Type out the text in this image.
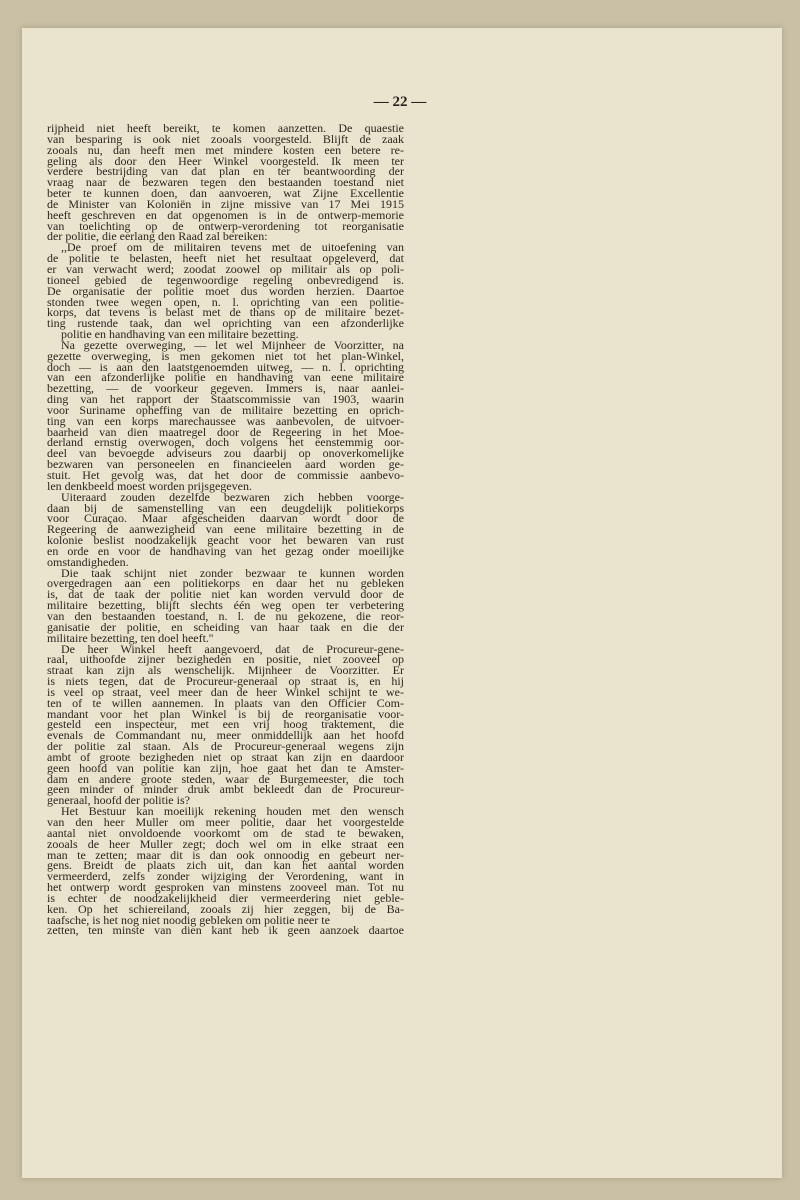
— 22 —
rijpheid niet heeft bereikt, te komen aanzetten. De quaestie
van besparing is ook niet zooals voorgesteld. Blijft de zaak
zooals nu, dan heeft men met mindere kosten een betere re-
geling als door den Heer Winkel voorgesteld. Ik meen ter
verdere bestrijding van dat plan en ter beantwoording der
vraag naar de bezwaren tegen den bestaanden toestand niet
beter te kunnen doen, dan aanvoeren, wat Zijne Excellentie
de Minister van Koloniën in zijne missive van 17 Mei 1915
heeft geschreven en dat opgenomen is in de ontwerp-memorie
van toelichting op de ontwerp-verordening tot reorganisatie
der politie, die eerlang den Raad zal bereiken:
,,De proef om de militairen tevens met de uitoefening van
de politie te belasten, heeft niet het resultaat opgeleverd, dat
er van verwacht werd; zoodat zoowel op militair als op poli-
tioneel gebied de tegenwoordige regeling onbevredigend is.
De organisatie der politie moet dus worden herzien. Daartoe
stonden twee wegen open, n. l. oprichting van een politie-
korps, dat tevens is belast met de thans op de militaire bezet-
ting rustende taak, dan wel oprichting van een afzonderlijke
politie en handhaving van een militaire bezetting.
Na gezette overweging, — let wel Mijnheer de Voorzitter, na
gezette overweging, is men gekomen niet tot het plan-Winkel,
doch — is aan den laatstgenoemden uitweg, — n. l. oprichting
van een afzonderlijke politie en handhaving van eene militaire
bezetting, — de voorkeur gegeven. Immers is, naar aanlei-
ding van het rapport der Staatscommissie van 1903, waarin
voor Suriname opheffing van de militaire bezetting en oprich-
ting van een korps marechaussee was aanbevolen, de uitvoer-
baarheid van dien maatregel door de Regeering in het Moe-
derland ernstig overwogen, doch volgens het eenstemmig oor-
deel van bevoegde adviseurs zou daarbij op onoverkomelijke
bezwaren van personeelen en financieelen aard worden ge-
stuit. Het gevolg was, dat het door de commissie aanbevo-
len denkbeeld moest worden prijsgegeven.
Uiteraard zouden dezelfde bezwaren zich hebben voorge-
daan bij de samenstelling van een deugdelijk politiekorps
voor Curaçao. Maar afgescheiden daarvan wordt door de
Regeering de aanwezigheid van eene militaire bezetting in de
kolonie beslist noodzakelijk geacht voor het bewaren van rust
en orde en voor de handhaving van het gezag onder moeilijke
omstandigheden.
Die taak schijnt niet zonder bezwaar te kunnen worden
overgedragen aan een politiekorps en daar het nu gebleken
is, dat de taak der politie niet kan worden vervuld door de
militaire bezetting, blijft slechts één weg open ter verbetering
van den bestaanden toestand, n. l. de nu gekozene, die reor-
ganisatie der politie, en scheiding van haar taak en die der
militaire bezetting, ten doel heeft.''
De heer Winkel heeft aangevoerd, dat de Procureur-gene-
raal, uithoofde zijner bezigheden en positie, niet zooveel op
straat kan zijn als wenschelijk. Mijnheer de Voorzitter. Er
is niets tegen, dat de Procureur-generaal op straat is, en hij
is veel op straat, veel meer dan de heer Winkel schijnt te we-
ten of te willen aannemen. In plaats van den Officier Com-
mandant voor het plan Winkel is bij de reorganisatie voor-
gesteld een inspecteur, met een vrij hoog traktement, die
evenals de Commandant nu, meer onmiddellijk aan het hoofd
der politie zal staan. Als de Procureur-generaal wegens zijn
ambt of groote bezigheden niet op straat kan zijn en daardoor
geen hoofd van politie kan zijn, hoe gaat het dan te Amster-
dam en andere groote steden, waar de Burgemeester, die toch
geen minder of minder druk ambt bekleedt dan de Procureur-
generaal, hoofd der politie is?
Het Bestuur kan moeilijk rekening houden met den wensch
van den heer Muller om meer politie, daar het voorgestelde
aantal niet onvoldoende voorkomt om de stad te bewaken,
zooals de heer Muller zegt; doch wel om in elke straat een
man te zetten; maar dit is dan ook onnoodig en gebeurt ner-
gens. Breidt de plaats zich uit, dan kan het aantal worden
vermeerderd, zelfs zonder wijziging der Verordening, want in
het ontwerp wordt gesproken van minstens zooveel man. Tot nu
is echter de noodzakelijkheid dier vermeerdering niet geble-
ken. Op het schiereiland, zooals zij hier zeggen, bij de Ba-
taafsche, is het nog niet noodig gebleken om politie neer te
zetten, ten minste van dien kant heb ik geen aanzoek daartoe
